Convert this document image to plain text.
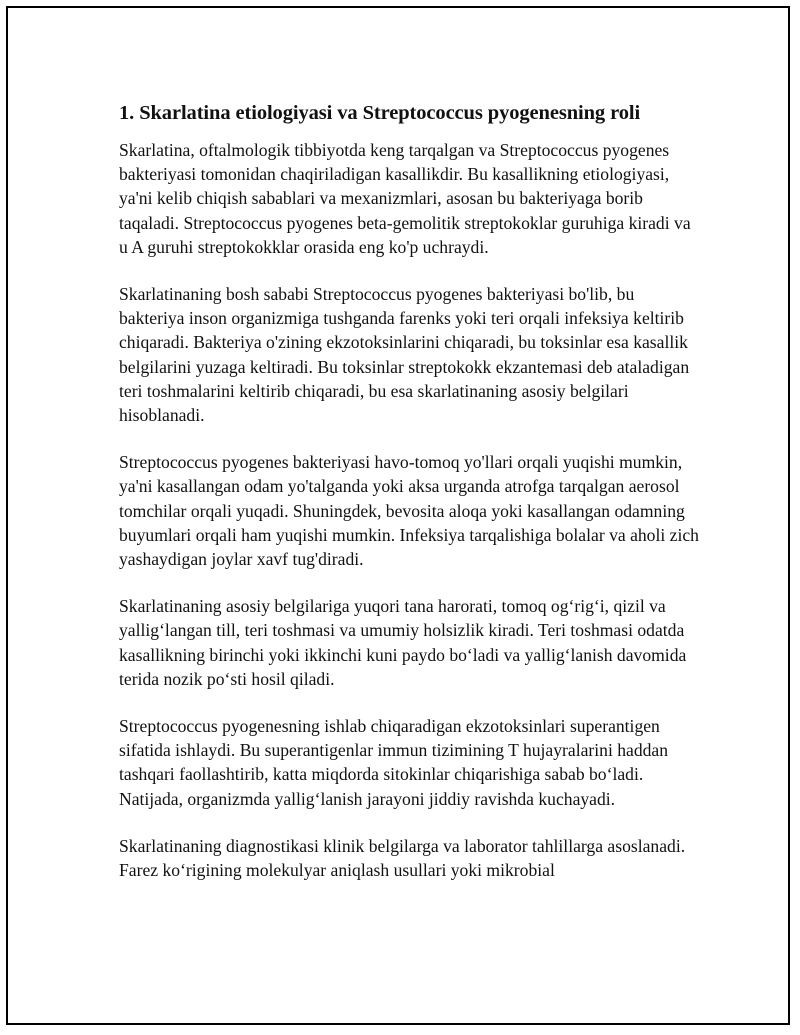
1. Skarlatina etiologiyasi va Streptococcus pyogenesning roli

Skarlatina, oftalmologik tibbiyotda keng tarqalgan va Streptococcus pyogenes bakteriyasi tomonidan chaqiriladigan kasallikdir. Bu kasallikning etiologiyasi, ya'ni kelib chiqish sabablari va mexanizmlari, asosan bu bakteriyaga borib taqaladi. Streptococcus pyogenes beta-gemolitik streptokoklar guruhiga kiradi va u A guruhi streptokokklar orasida eng ko'p uchraydi.

Skarlatinaning bosh sababi Streptococcus pyogenes bakteriyasi bo'lib, bu bakteriya inson organizmiga tushganda farenks yoki teri orqali infeksiya keltirib chiqaradi. Bakteriya o'zining ekzotoksinlarini chiqaradi, bu toksinlar esa kasallik belgilarini yuzaga keltiradi. Bu toksinlar streptokokk ekzantemasi deb ataladigan teri toshmalarini keltirib chiqaradi, bu esa skarlatinaning asosiy belgilari hisoblanadi.

Streptococcus pyogenes bakteriyasi havo-tomoq yo'llari orqali yuqishi mumkin, ya'ni kasallangan odam yo'talganda yoki aksa urganda atrofga tarqalgan aerosol tomchilar orqali yuqadi. Shuningdek, bevosita aloqa yoki kasallangan odamning buyumlari orqali ham yuqishi mumkin. Infeksiya tarqalishiga bolalar va aholi zich yashaydigan joylar xavf tug'diradi.

Skarlatinaning asosiy belgilariga yuqori tana harorati, tomoq og‘rig‘i, qizil va yallig‘langan till, teri toshmasi va umumiy holsizlik kiradi. Teri toshmasi odatda kasallikning birinchi yoki ikkinchi kuni paydo bo‘ladi va yallig‘lanish davomida terida nozik po‘sti hosil qiladi.

Streptococcus pyogenesning ishlab chiqaradigan ekzotoksinlari superantigen sifatida ishlaydi. Bu superantigenlar immun tizimining T hujayralarini haddan tashqari faollashtirib, katta miqdorda sitokinlar chiqarishiga sabab bo‘ladi. Natijada, organizmda yallig‘lanish jarayoni jiddiy ravishda kuchayadi.

Skarlatinaning diagnostikasi klinik belgilarga va laborator tahlillarga asoslanadi. Farez ko‘rigining molekulyar aniqlash usullari yoki mikrobial
